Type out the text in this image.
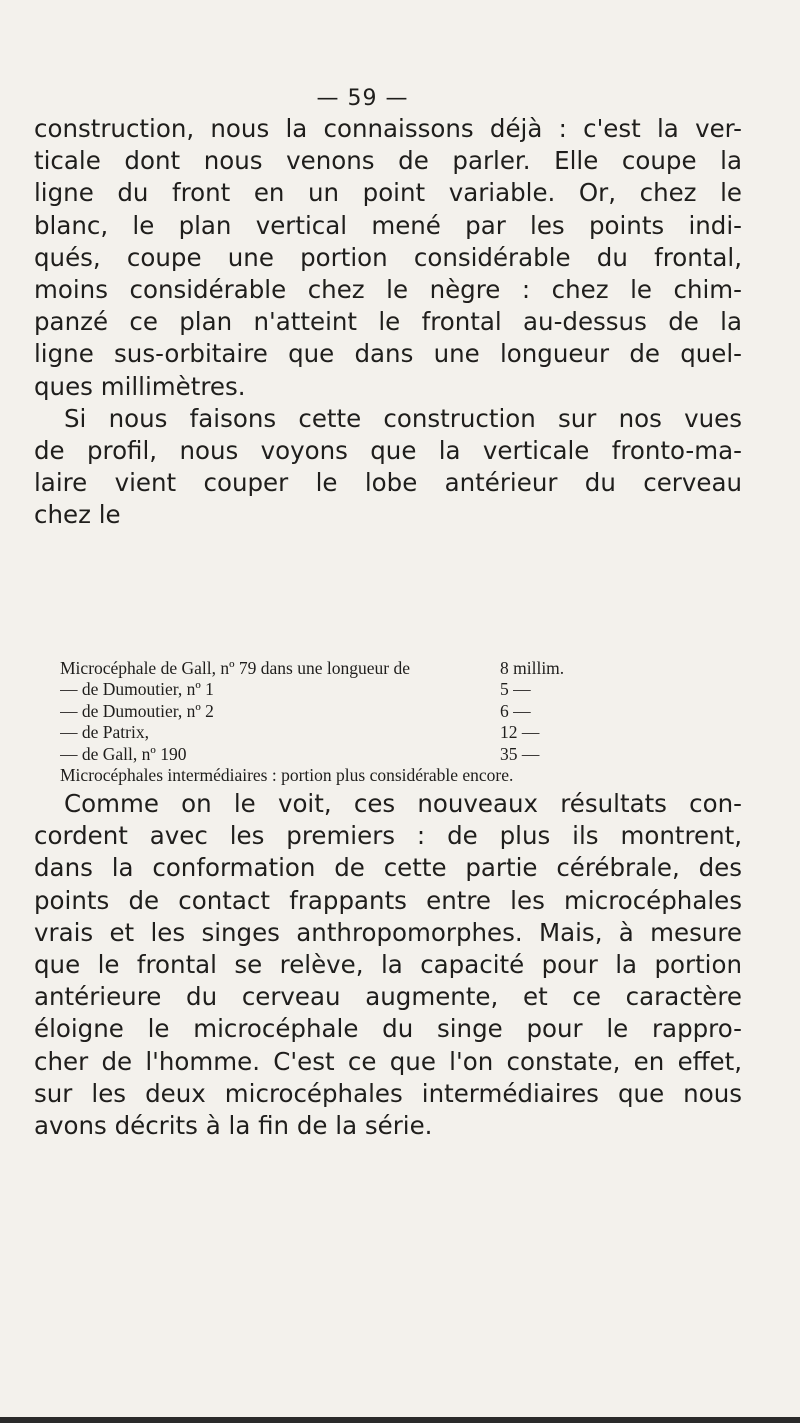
— 59 —

construction, nous la connaissons déjà : c'est la ver-

ticale dont nous venons de parler. Elle coupe la

ligne du front en un point variable. Or, chez le

blanc, le plan vertical mené par les points indi-

qués, coupe une portion considérable du frontal,

moins considérable chez le nègre : chez le chim-

panzé ce plan n'atteint le frontal au-dessus de la

ligne sus-orbitaire que dans une longueur de quel-

ques millimètres.

Si nous faisons cette construction sur nos vues

de profil, nous voyons que la verticale fronto-ma-

laire vient couper le lobe antérieur du cerveau

chez le

Microcéphale de Gall, nº 79 dans une longueur de	8 millim.
— de Dumoutier, nº 1	5 —
— de Dumoutier, nº 2	6 —
— de Patrix,	12 —
— de Gall, nº 190	35 —
Microcéphales intermédiaires : portion plus considérable encore.

Comme on le voit, ces nouveaux résultats con-

cordent avec les premiers : de plus ils montrent,

dans la conformation de cette partie cérébrale, des

points de contact frappants entre les microcéphales

vrais et les singes anthropomorphes. Mais, à mesure

que le frontal se relève, la capacité pour la portion

antérieure du cerveau augmente, et ce caractère

éloigne le microcéphale du singe pour le rappro-

cher de l'homme. C'est ce que l'on constate, en effet,

sur les deux microcéphales intermédiaires que nous

avons décrits à la fin de la série.
